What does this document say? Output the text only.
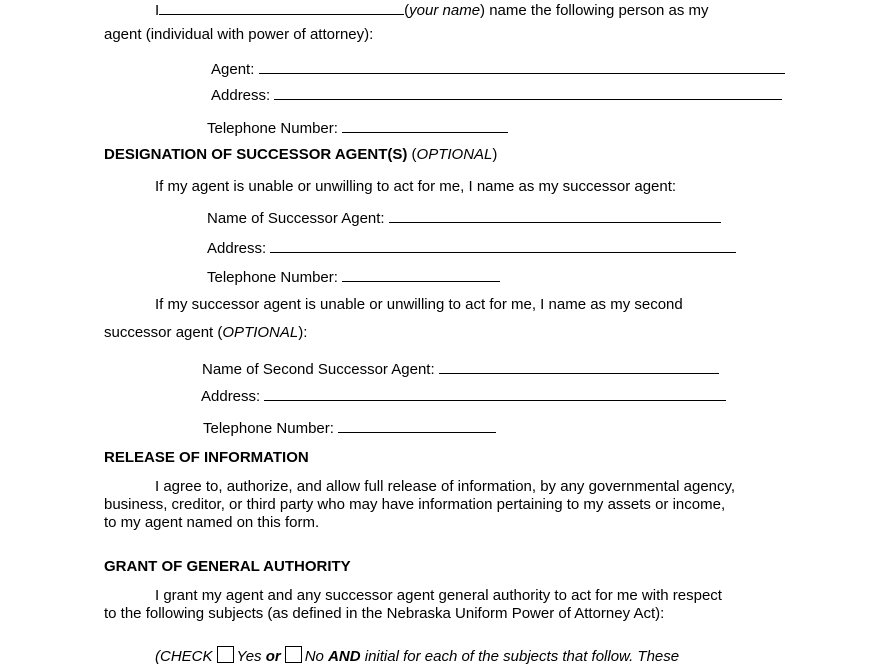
I	(your name) name the following person as my
agent (individual with power of attorney):
Agent:
Address:
Telephone Number:
DESIGNATION OF SUCCESSOR AGENT(S) (OPTIONAL)
If my agent is unable or unwilling to act for me, I name as my successor agent:
Name of Successor Agent:
Address:
Telephone Number:
If my successor agent is unable or unwilling to act for me, I name as my second
successor agent (OPTIONAL):
Name of Second Successor Agent:
Address:
Telephone Number:
RELEASE OF INFORMATION
I agree to, authorize, and allow full release of information, by any governmental agency,
business, creditor, or third party who may have information pertaining to my assets or income,
to my agent named on this form.
GRANT OF GENERAL AUTHORITY
I grant my agent and any successor agent general authority to act for me with respect
to the following subjects (as defined in the Nebraska Uniform Power of Attorney Act):
(CHECK Yes or No AND initial for each of the subjects that follow. These
